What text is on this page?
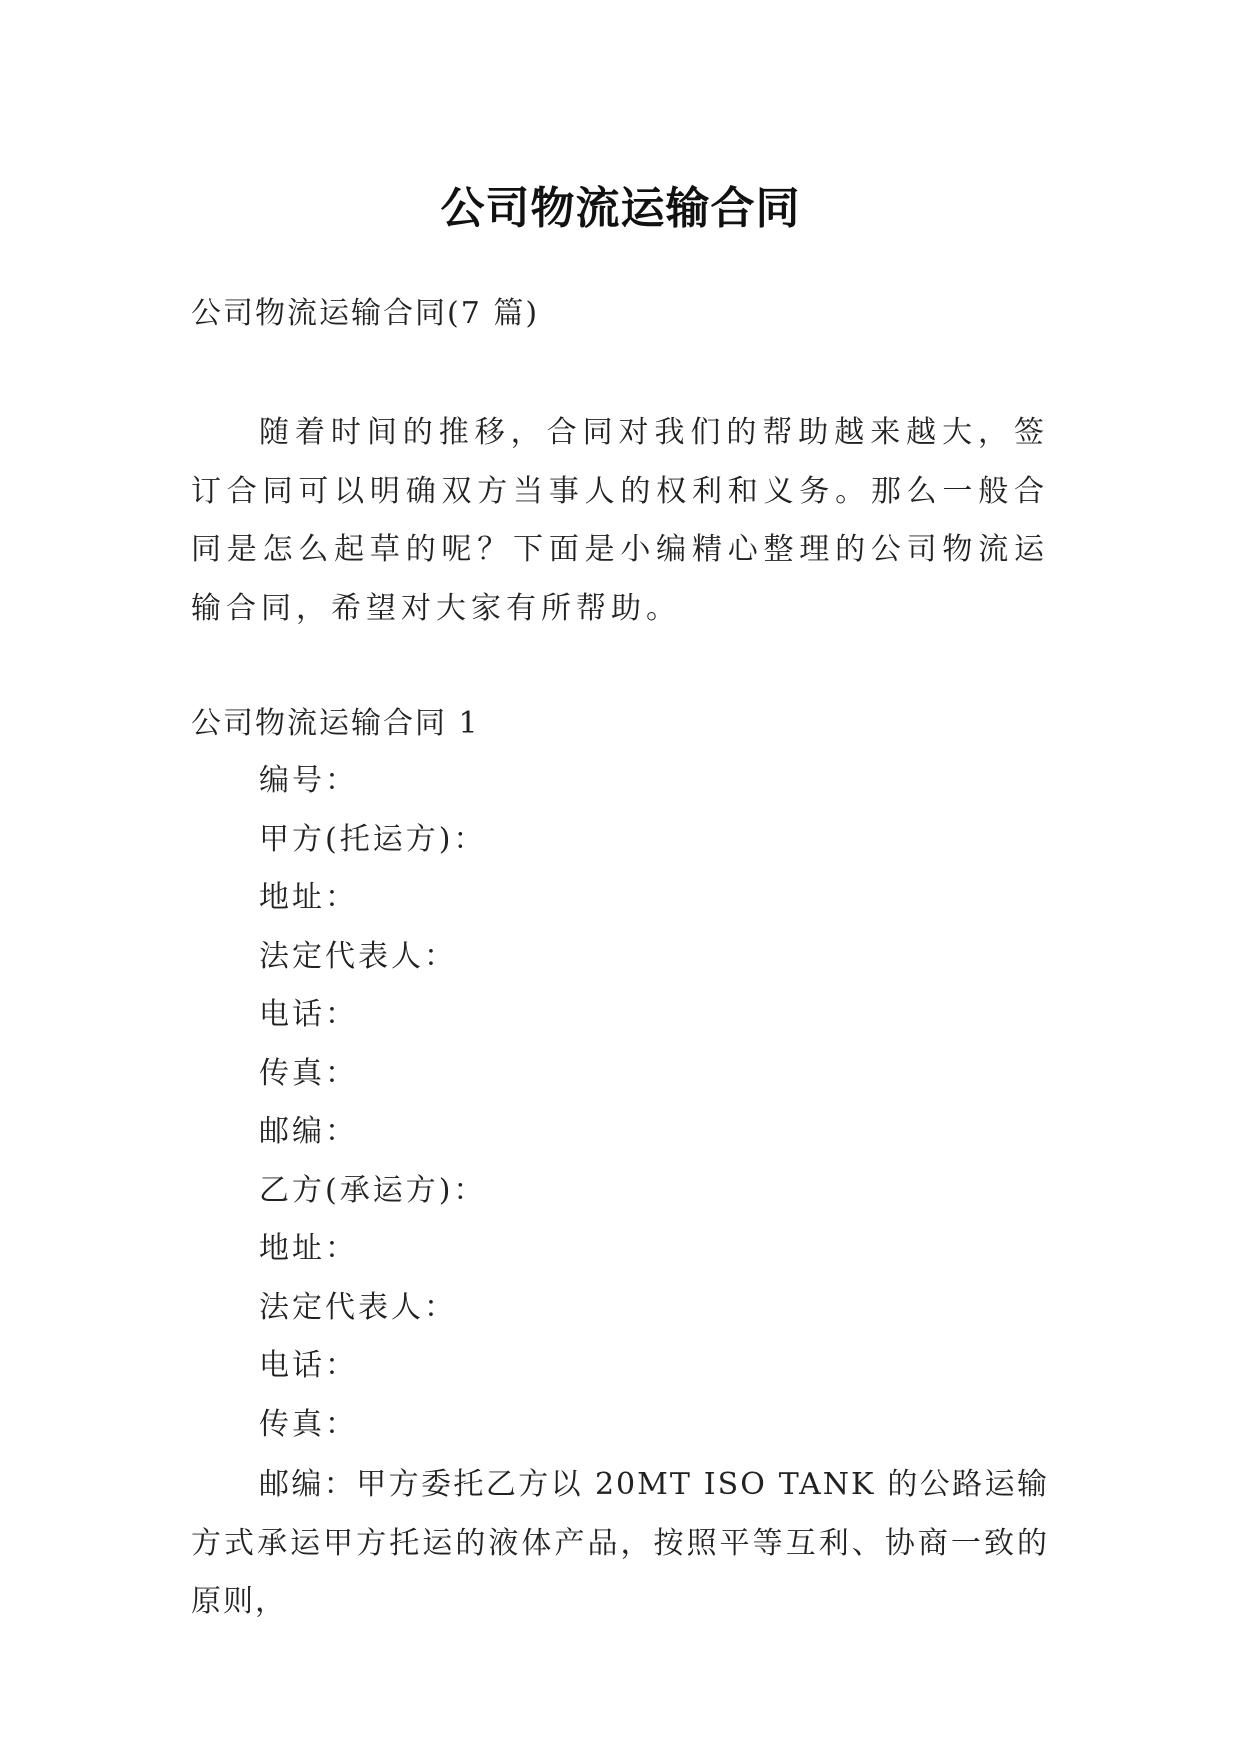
公司物流运输合同
公司物流运输合同(7 篇)

随着时间的推移，合同对我们的帮助越来越大，签订合同可以明确双方当事人的权利和义务。那么一般合同是怎么起草的呢？下面是小编精心整理的公司物流运输合同，希望对大家有所帮助。

公司物流运输合同 1
编号：
甲方(托运方)：
地址：
法定代表人：
电话：
传真：
邮编：
乙方(承运方)：
地址：
法定代表人：
电话：
传真：

邮编：甲方委托乙方以 20MT ISO TANK 的公路运输方式承运甲方托运的液体产品，按照平等互利、协商一致的原则，
